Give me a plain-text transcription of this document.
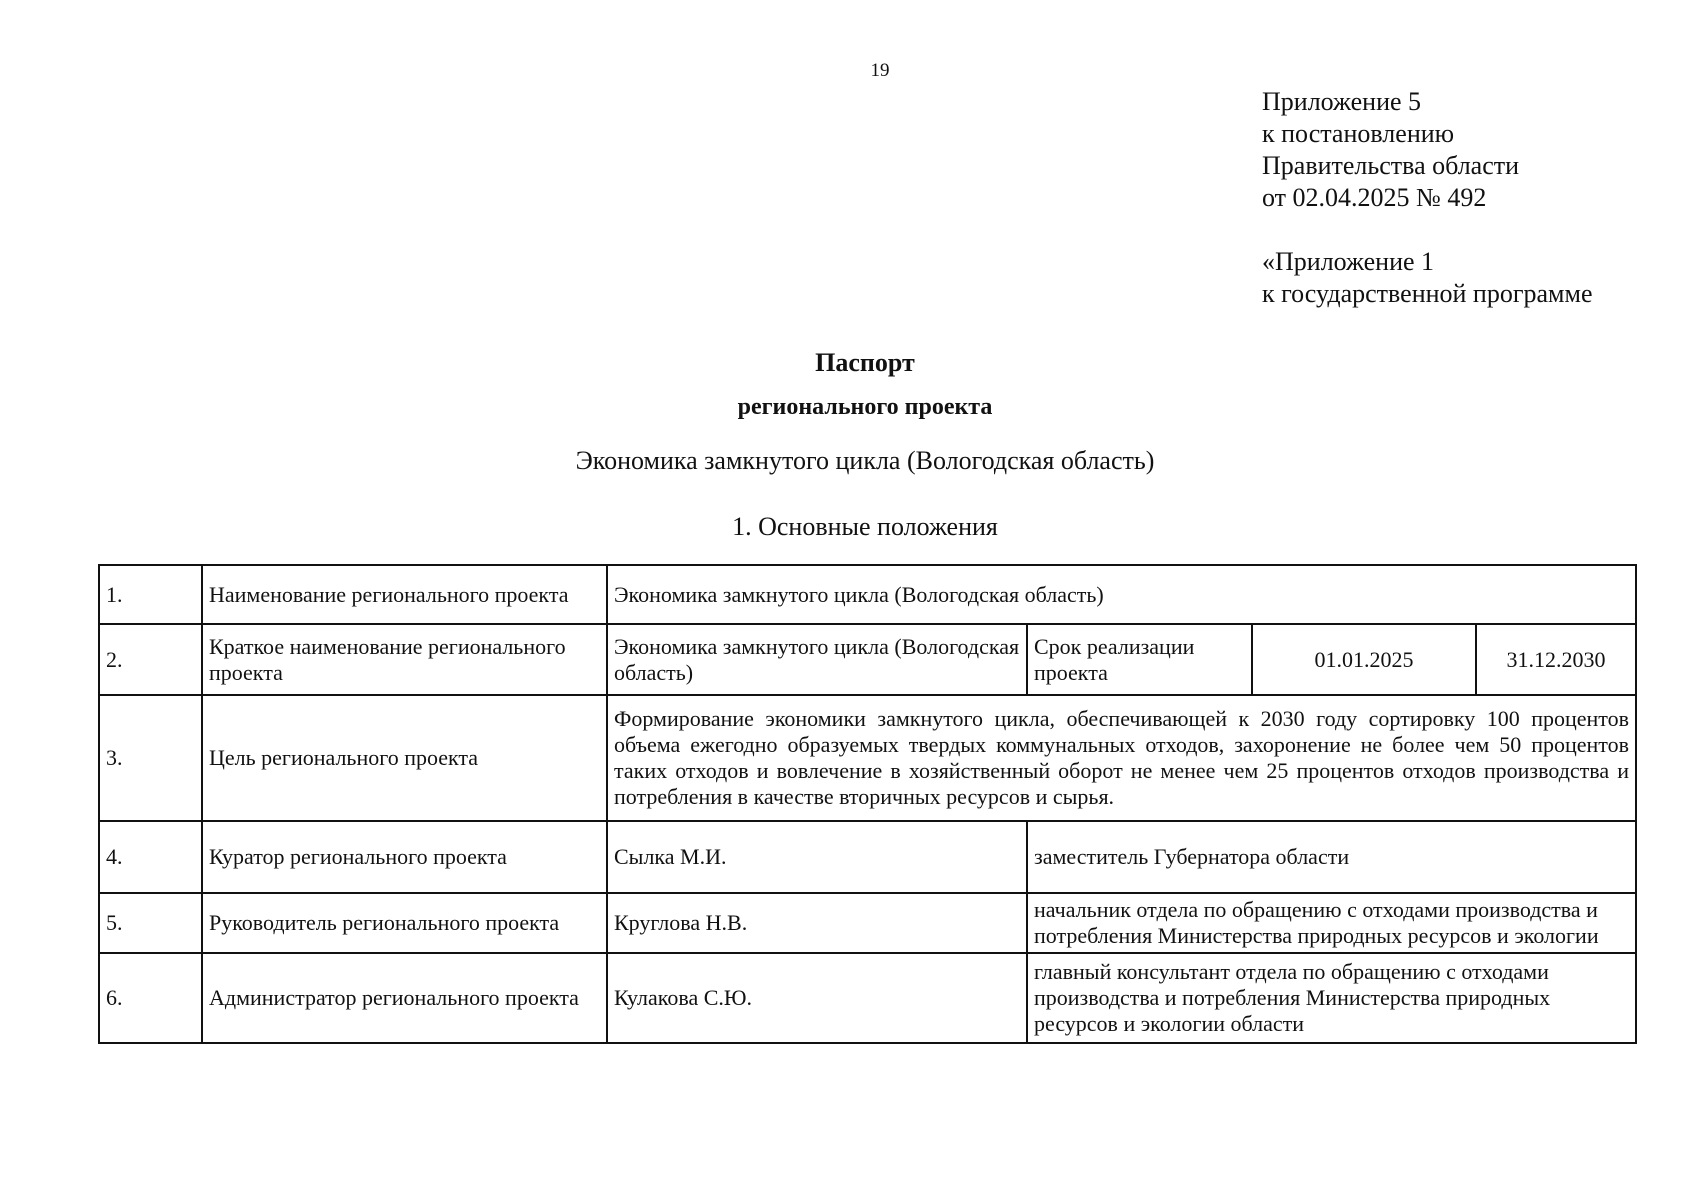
19
Приложение 5
к постановлению
Правительства области
от 02.04.2025 № 492
«Приложение 1
к государственной программе
Паспорт
регионального проекта
Экономика замкнутого цикла (Вологодская область)
1. Основные положения
1.	Наименование регионального проекта	Экономика замкнутого цикла (Вологодская область)			
2.	Краткое наименование регионального проекта	Экономика замкнутого цикла (Вологодская область)	Срок реализации проекта	01.01.2025	31.12.2030
3.	Цель регионального проекта	Формирование экономики замкнутого цикла, обеспечивающей к 2030 году сортировку 100 процентов объема ежегодно образуемых твердых коммунальных отходов, захоронение не более чем 50 процентов таких отходов и вовлечение в хозяйственный оборот не менее чем 25 процентов отходов производства и потребления в качестве вторичных ресурсов и сырья.			
4.	Куратор регионального проекта	Сылка М.И.	заместитель Губернатора области		
5.	Руководитель регионального проекта	Круглова Н.В.	начальник отдела по обращению с отходами производства и потребления Министерства природных ресурсов и экологии		

6.	Администратор регионального проекта	Кулакова С.Ю.	главный консультант отдела по обращению с отходами производства и потребления Министерства природных ресурсов и экологии области		
